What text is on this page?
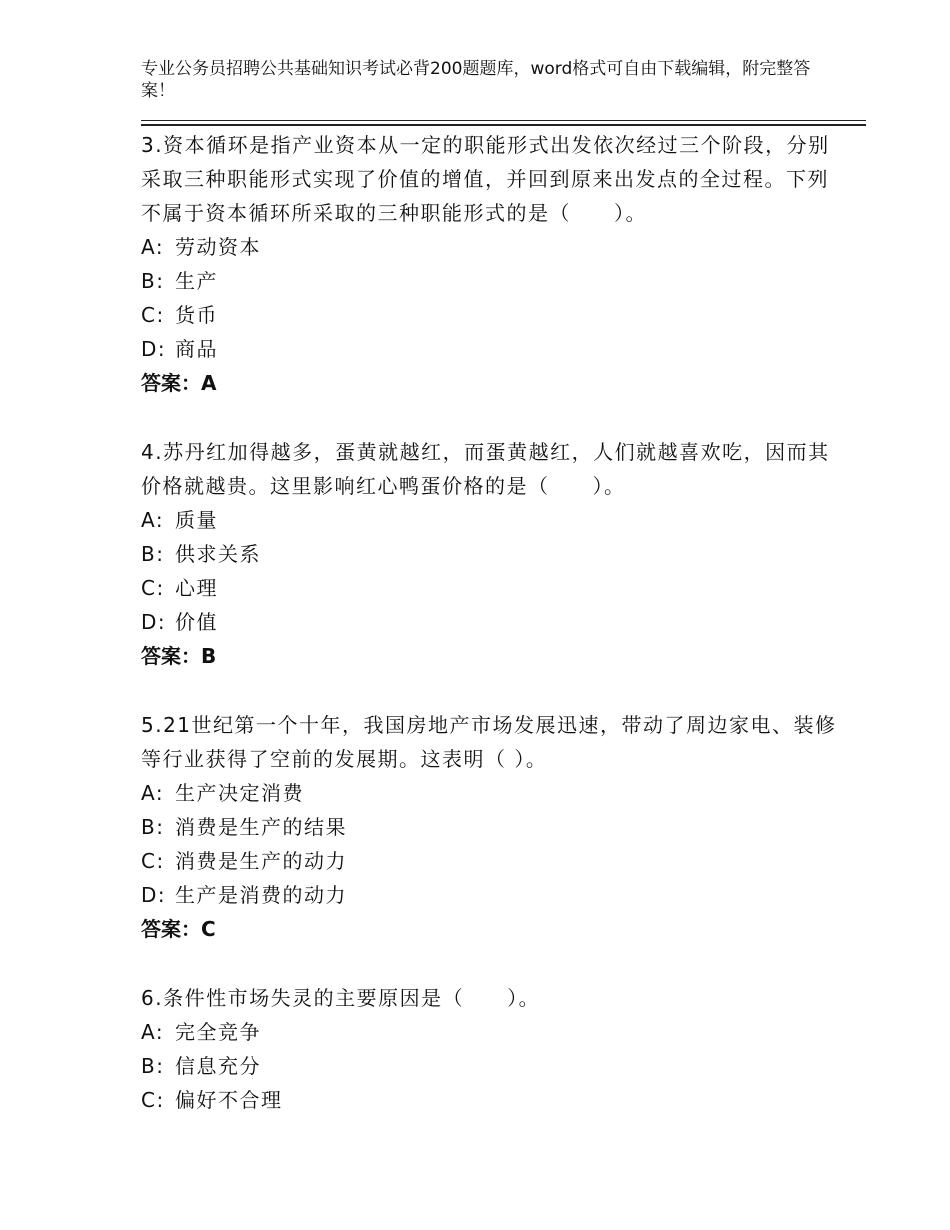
专业公务员招聘公共基础知识考试必背200题题库，word格式可自由下载编辑，附完整答案！
3.资本循环是指产业资本从一定的职能形式出发依次经过三个阶段，分别采取三种职能形式实现了价值的增值，并回到原来出发点的全过程。下列不属于资本循环所采取的三种职能形式的是（　　）。
A: 劳动资本
B: 生产
C: 货币
D: 商品
答案：A
4.苏丹红加得越多，蛋黄就越红，而蛋黄越红，人们就越喜欢吃，因而其价格就越贵。这里影响红心鸭蛋价格的是（　　）。
A: 质量
B: 供求关系
C: 心理
D: 价值
答案：B
5.21世纪第一个十年，我国房地产市场发展迅速，带动了周边家电、装修等行业获得了空前的发展期。这表明（ ）。
A: 生产决定消费
B: 消费是生产的结果
C: 消费是生产的动力
D: 生产是消费的动力
答案：C
6.条件性市场失灵的主要原因是（　　）。
A: 完全竞争
B: 信息充分
C: 偏好不合理
